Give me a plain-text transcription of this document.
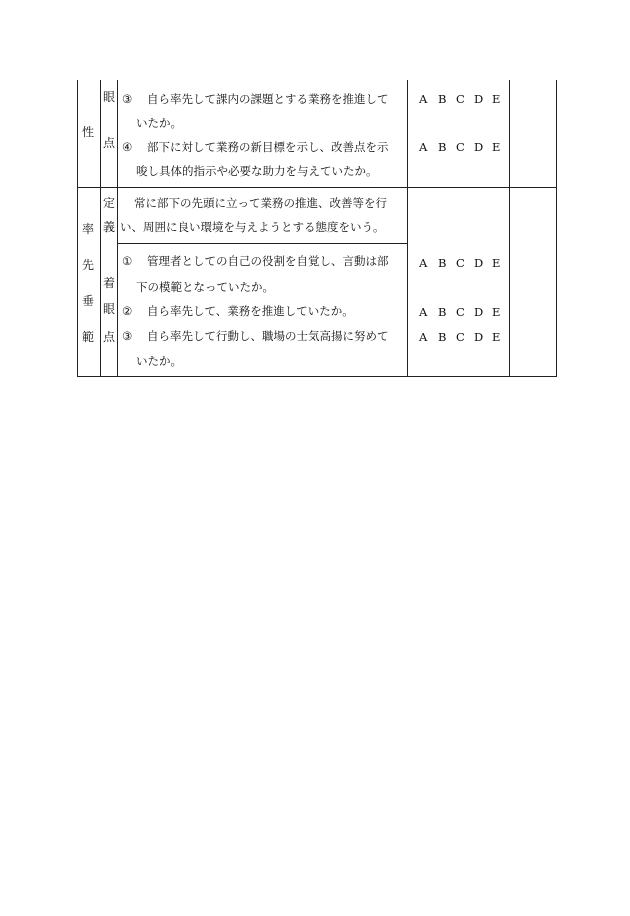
性
眼
点
③ 自ら率先して課内の課題とする業務を推進して
いたか。
A B C D E
④ 部下に対して業務の新目標を示し、改善点を示
唆し具体的指示や必要な助力を与えていたか。
A B C D E
率
先
垂
範
定
義
常に部下の先頭に立って業務の推進、改善等を行
い、周囲に良い環境を与えようとする態度をいう。
着
眼
点
① 管理者としての自己の役割を自覚し、言動は部
下の模範となっていたか。
A B C D E
② 自ら率先して、業務を推進していたか。	A B C D E
③ 自ら率先して行動し、職場の士気高揚に努めて
いたか。
A B C D E
